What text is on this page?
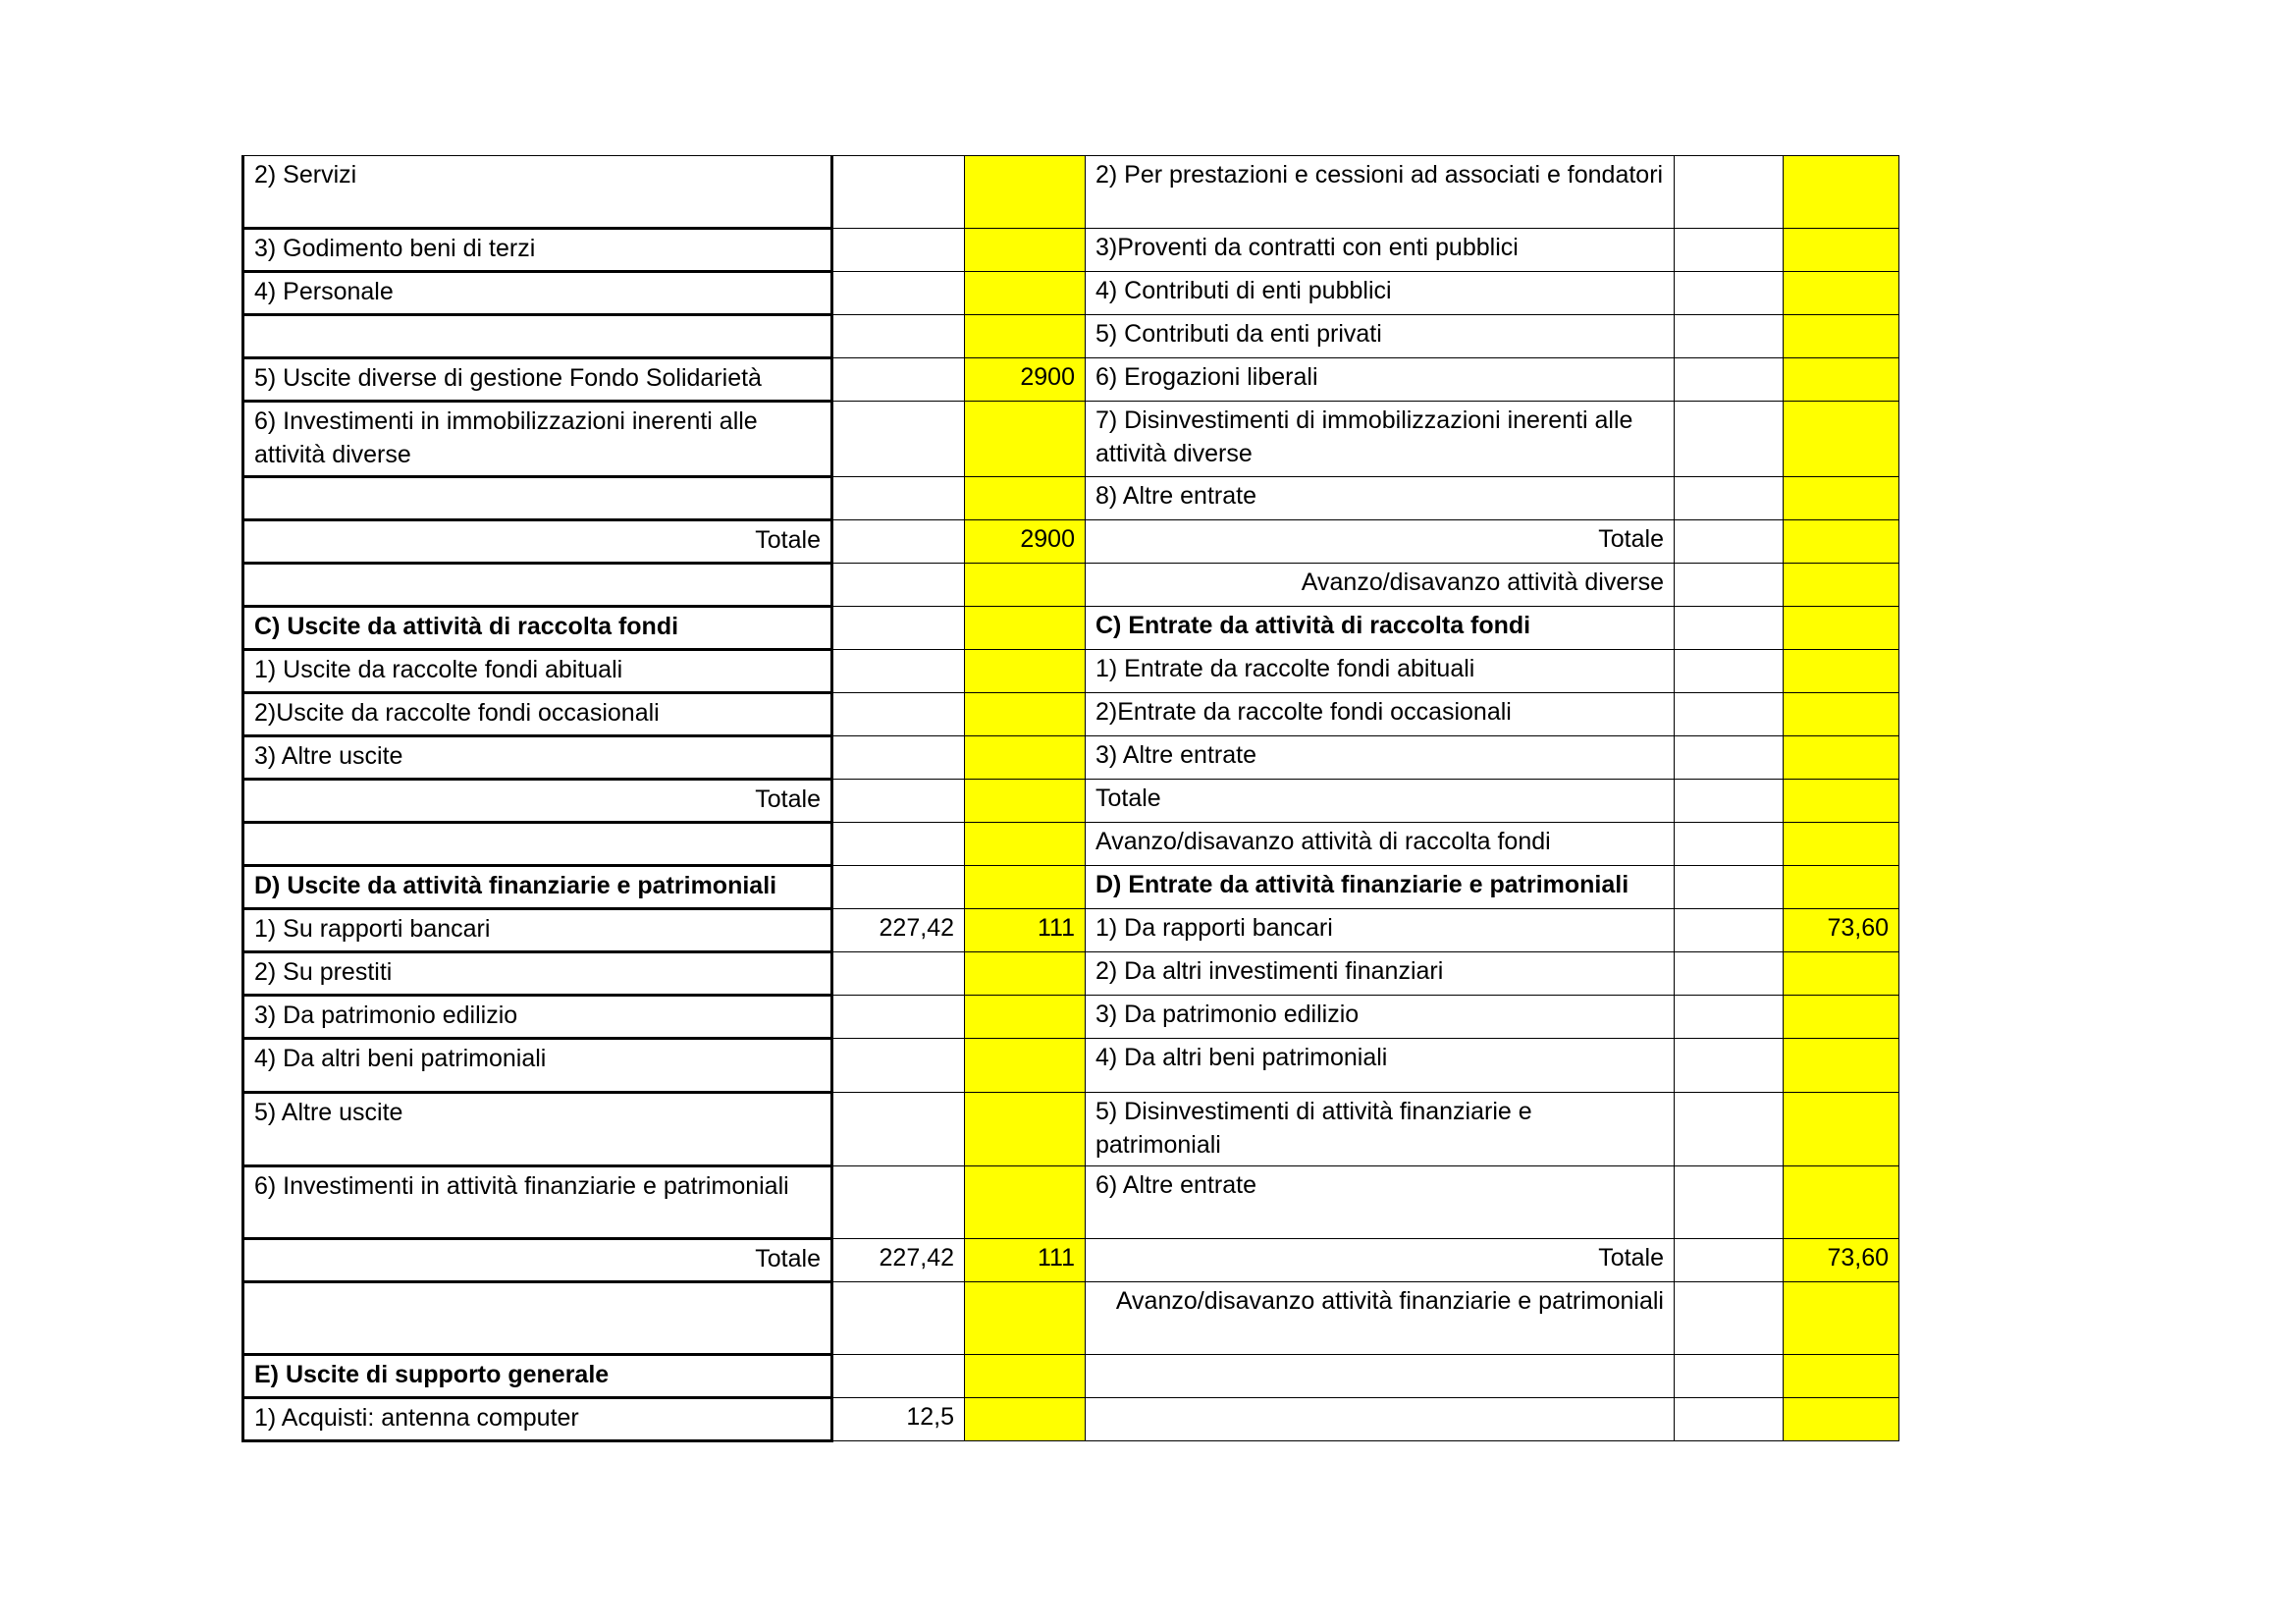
2) Servizi			2) Per prestazioni e cessioni ad associati e fondatori		
3) Godimento beni di terzi			3)Proventi da contratti con enti pubblici		
4) Personale			4) Contributi di enti pubblici		
			5) Contributi da enti privati		
5) Uscite diverse di gestione Fondo Solidarietà		2900	6) Erogazioni liberali		
6) Investimenti in immobilizzazioni inerenti alle attività diverse			7) Disinvestimenti di immobilizzazioni inerenti alle attività diverse		
			8) Altre entrate		
Totale		2900	Totale		
			Avanzo/disavanzo attività diverse		
C) Uscite da attività di raccolta fondi			C) Entrate da attività di raccolta fondi		
1) Uscite da raccolte fondi abituali			1) Entrate da raccolte fondi abituali		
2)Uscite da raccolte fondi occasionali			2)Entrate da raccolte fondi occasionali		
3) Altre uscite			3) Altre entrate		
Totale			Totale		
			Avanzo/disavanzo attività di raccolta fondi		
D) Uscite da attività finanziarie e patrimoniali			D) Entrate da attività finanziarie e patrimoniali		
1) Su rapporti bancari	227,42	111	1) Da rapporti bancari		73,60
2) Su prestiti			2) Da altri investimenti finanziari		
3) Da patrimonio edilizio			3) Da patrimonio edilizio		
4) Da altri beni patrimoniali			4) Da altri beni patrimoniali		
5) Altre uscite			5) Disinvestimenti di attività finanziarie e patrimoniali		
6) Investimenti in attività finanziarie e patrimoniali			6) Altre entrate		
Totale	227,42	111	Totale		73,60
			Avanzo/disavanzo attività finanziarie e patrimoniali		
E) Uscite di supporto generale					
1) Acquisti: antenna computer	12,5				
